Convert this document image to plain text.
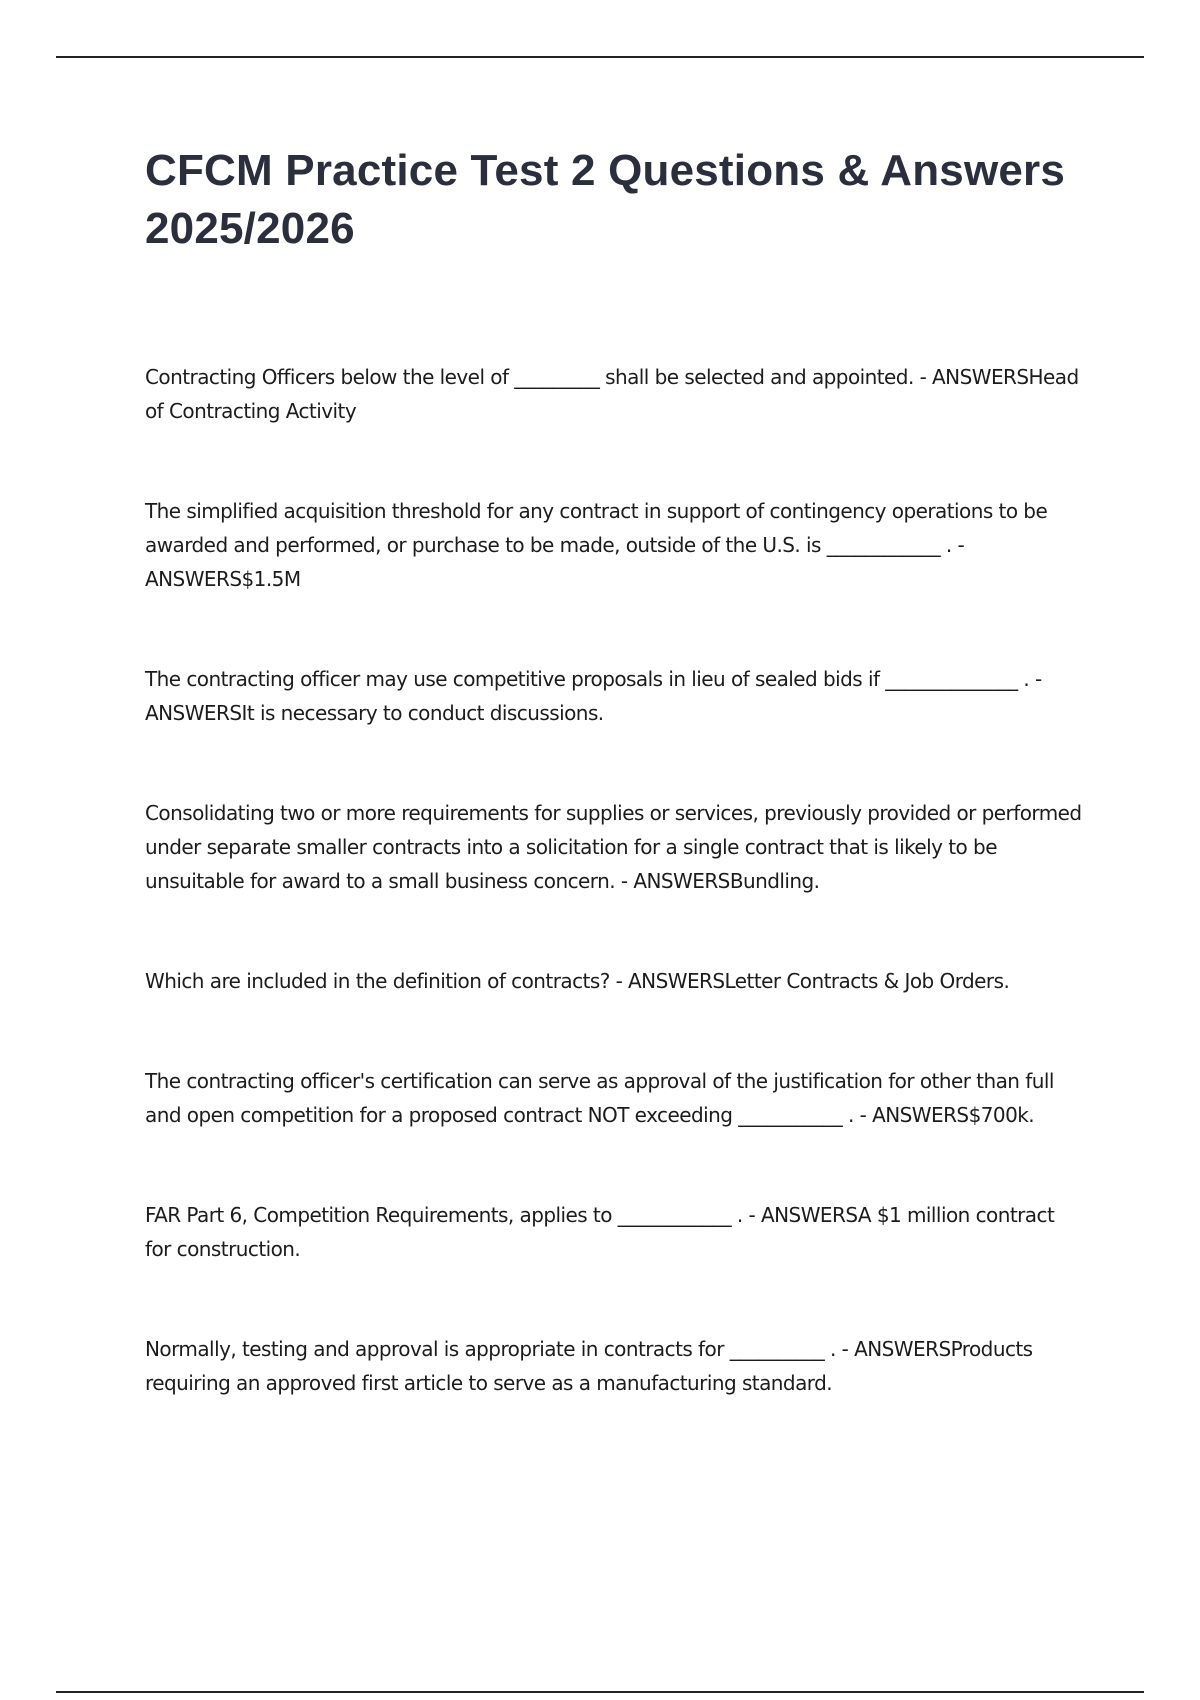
CFCM Practice Test 2 Questions & Answers 2025/2026

Contracting Officers below the level of _________ shall be selected and appointed. - ANSWERSHead of Contracting Activity

The simplified acquisition threshold for any contract in support of contingency operations to be awarded and performed, or purchase to be made, outside of the U.S. is ____________ . - ANSWERS$1.5M

The contracting officer may use competitive proposals in lieu of sealed bids if ______________ . - ANSWERSIt is necessary to conduct discussions.

Consolidating two or more requirements for supplies or services, previously provided or performed under separate smaller contracts into a solicitation for a single contract that is likely to be unsuitable for award to a small business concern. - ANSWERSBundling.

Which are included in the definition of contracts? - ANSWERSLetter Contracts & Job Orders.

The contracting officer's certification can serve as approval of the justification for other than full and open competition for a proposed contract NOT exceeding ___________ . - ANSWERS$700k.

FAR Part 6, Competition Requirements, applies to ____________ . - ANSWERSA $1 million contract for construction.

Normally, testing and approval is appropriate in contracts for __________ . - ANSWERSProducts requiring an approved first article to serve as a manufacturing standard.
